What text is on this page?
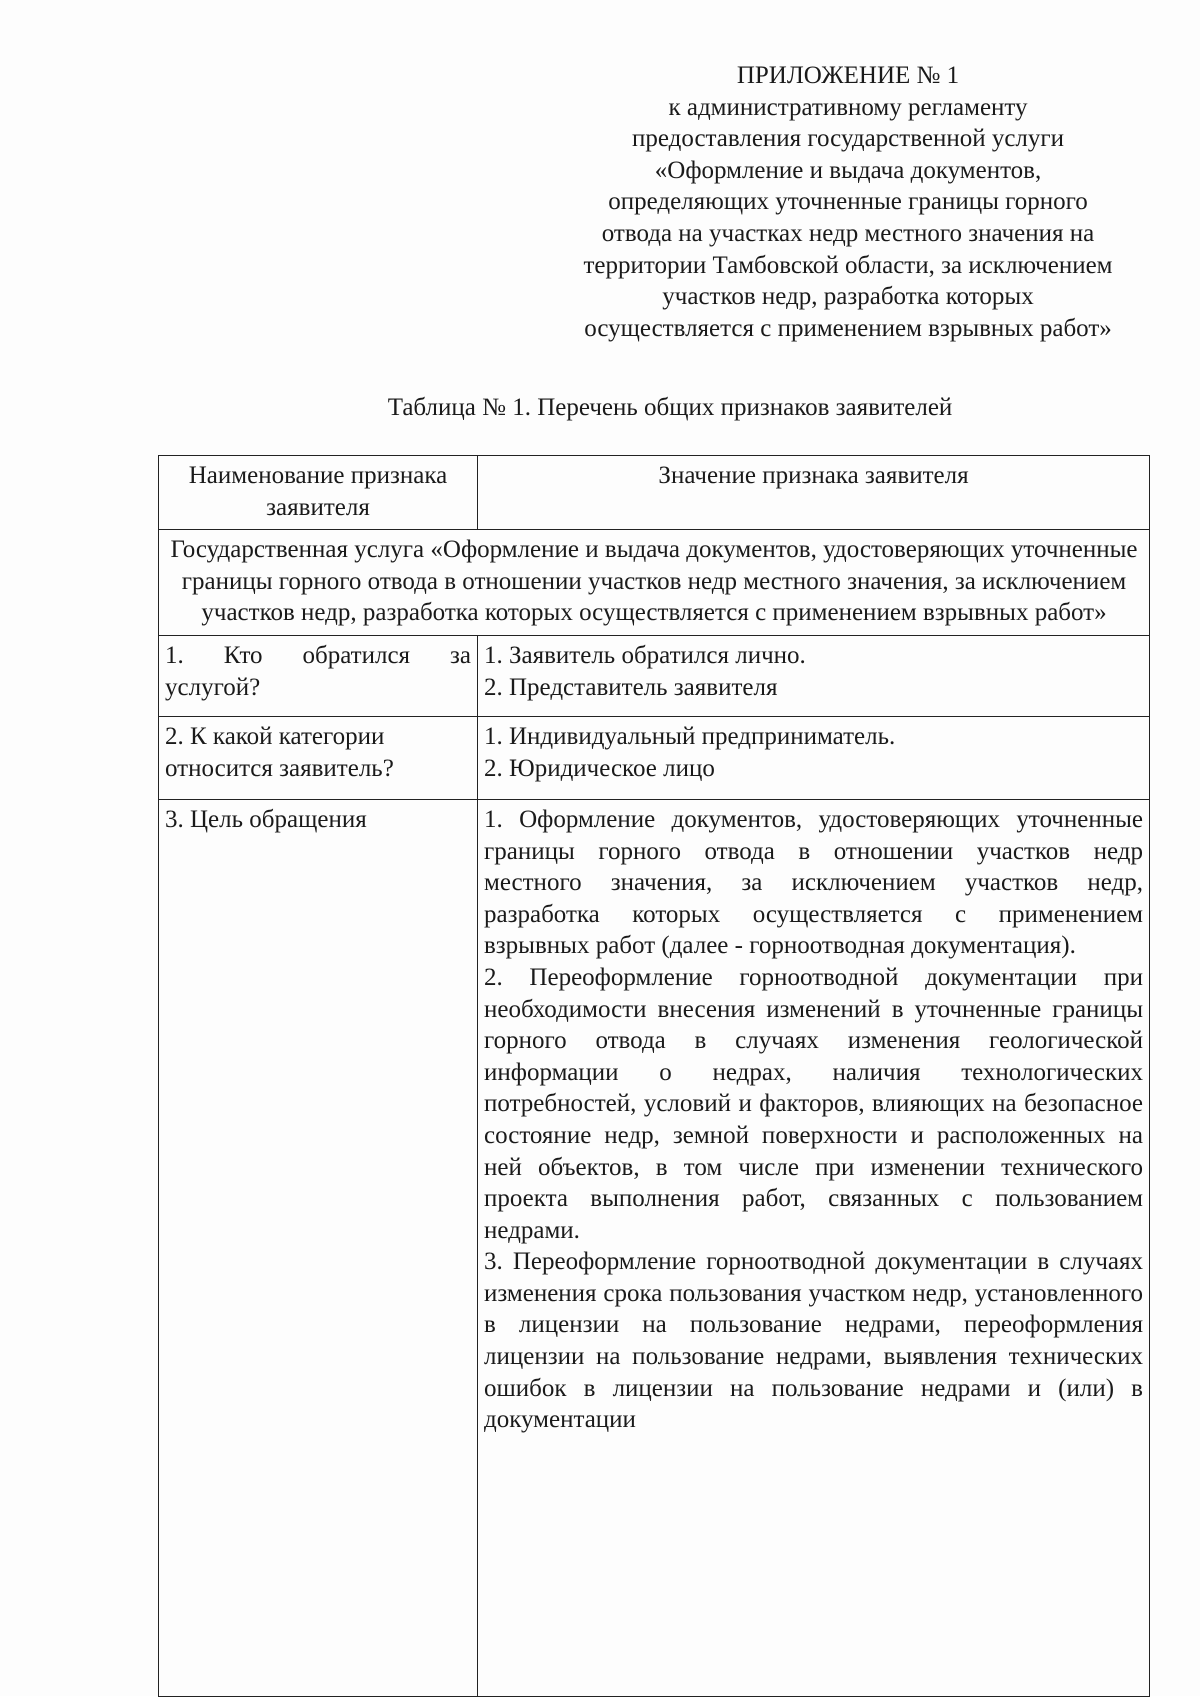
ПРИЛОЖЕНИЕ № 1
к административному регламенту
предоставления государственной услуги
«Оформление и выдача документов,
определяющих уточненные границы горного
отвода на участках недр местного значения на
территории Тамбовской области, за исключением
участков недр, разработка которых
осуществляется с применением взрывных работ»
Таблица № 1. Перечень общих признаков заявителей
Наименование признака заявителя	Значение признака заявителя
Государственная услуга «Оформление и выдача документов, удостоверяющих уточненные границы горного отвода в отношении участков недр местного значения, за исключением участков недр, разработка которых осуществляется с применением взрывных работ»	

1. Кто обратился за услугой?	1. Заявитель обратился лично.
2. Представитель заявителя

2. К какой категории относится заявитель?	1. Индивидуальный предприниматель.
2. Юридическое лицо

3. Цель обращения	1. Оформление документов, удостоверяющих уточненные границы горного отвода в отношении участков недр местного значения, за исключением участков недр, разработка которых осуществляется с применением взрывных работ (далее - горноотводная документация).
2. Переоформление горноотводной документации при необходимости внесения изменений в уточненные границы горного отвода в случаях изменения геологической информации о недрах, наличия технологических потребностей, условий и факторов, влияющих на безопасное состояние недр, земной поверхности и расположенных на ней объектов, в том числе при изменении технического проекта выполнения работ, связанных с пользованием недрами.
3. Переоформление горноотводной документации в случаях изменения срока пользования участком недр, установленного в лицензии на пользование недрами, переоформления лицензии на пользование недрами, выявления технических ошибок в лицензии на пользование недрами и (или) в документации
